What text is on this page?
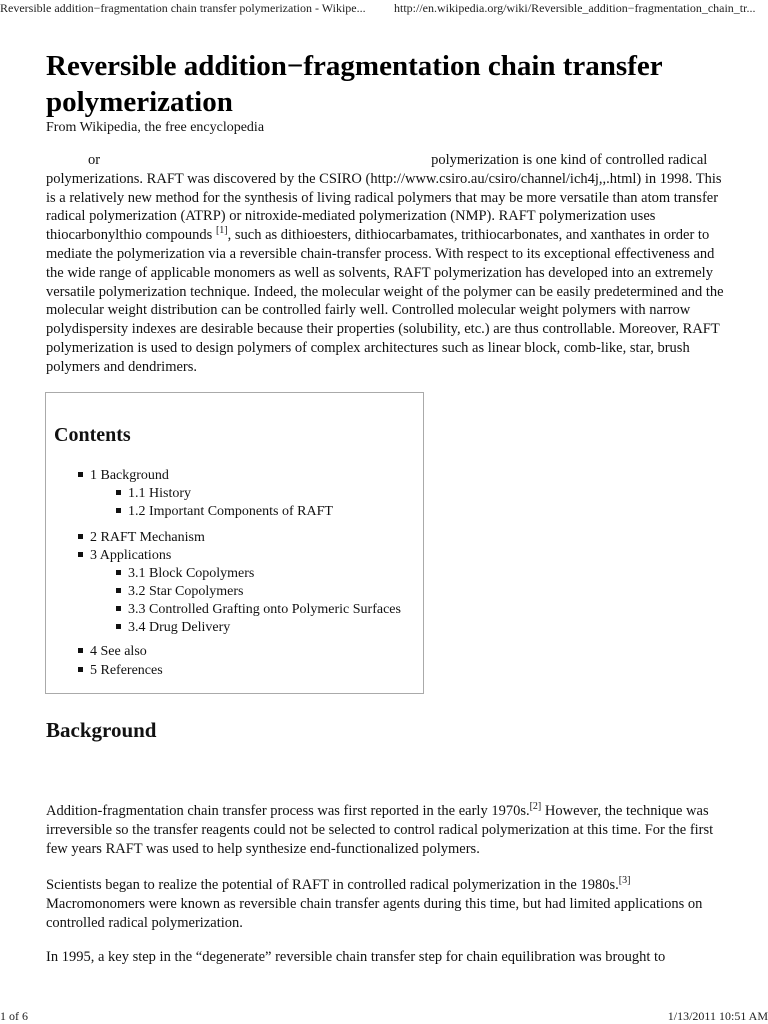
Reversible addition−fragmentation chain transfer polymerization - Wikipe...	http://en.wikipedia.org/wiki/Reversible_addition−fragmentation_chain_tr...
Reversible addition−fragmentation chain transfer polymerization

From Wikipedia, the free encyclopedia

or	polymerization is one kind of controlled radical polymerizations. RAFT was discovered by the CSIRO (http://www.csiro.au/csiro/channel/ich4j,,.html) in 1998. This is a relatively new method for the synthesis of living radical polymers that may be more versatile than atom transfer radical polymerization (ATRP) or nitroxide-mediated polymerization (NMP). RAFT polymerization uses thiocarbonylthio compounds [1], such as dithioesters, dithiocarbamates, trithiocarbonates, and xanthates in order to mediate the polymerization via a reversible chain-transfer process. With respect to its exceptional effectiveness and the wide range of applicable monomers as well as solvents, RAFT polymerization has developed into an extremely versatile polymerization technique. Indeed, the molecular weight of the polymer can be easily predetermined and the molecular weight distribution can be controlled fairly well. Controlled molecular weight polymers with narrow polydispersity indexes are desirable because their properties (solubility, etc.) are thus controllable. Moreover, RAFT polymerization is used to design polymers of complex architectures such as linear block, comb-like, star, brush polymers and dendrimers.

Contents
1 Background
1.1 History
1.2 Important Components of RAFT
2 RAFT Mechanism
3 Applications
3.1 Block Copolymers
3.2 Star Copolymers
3.3 Controlled Grafting onto Polymeric Surfaces
3.4 Drug Delivery
4 See also
5 References
Background

Addition-fragmentation chain transfer process was first reported in the early 1970s.[2] However, the technique was irreversible so the transfer reagents could not be selected to control radical polymerization at this time. For the first few years RAFT was used to help synthesize end-functionalized polymers.

Scientists began to realize the potential of RAFT in controlled radical polymerization in the 1980s.[3] Macromonomers were known as reversible chain transfer agents during this time, but had limited applications on controlled radical polymerization.

In 1995, a key step in the “degenerate” reversible chain transfer step for chain equilibration was brought to

1 of 6	1/13/2011 10:51 AM
